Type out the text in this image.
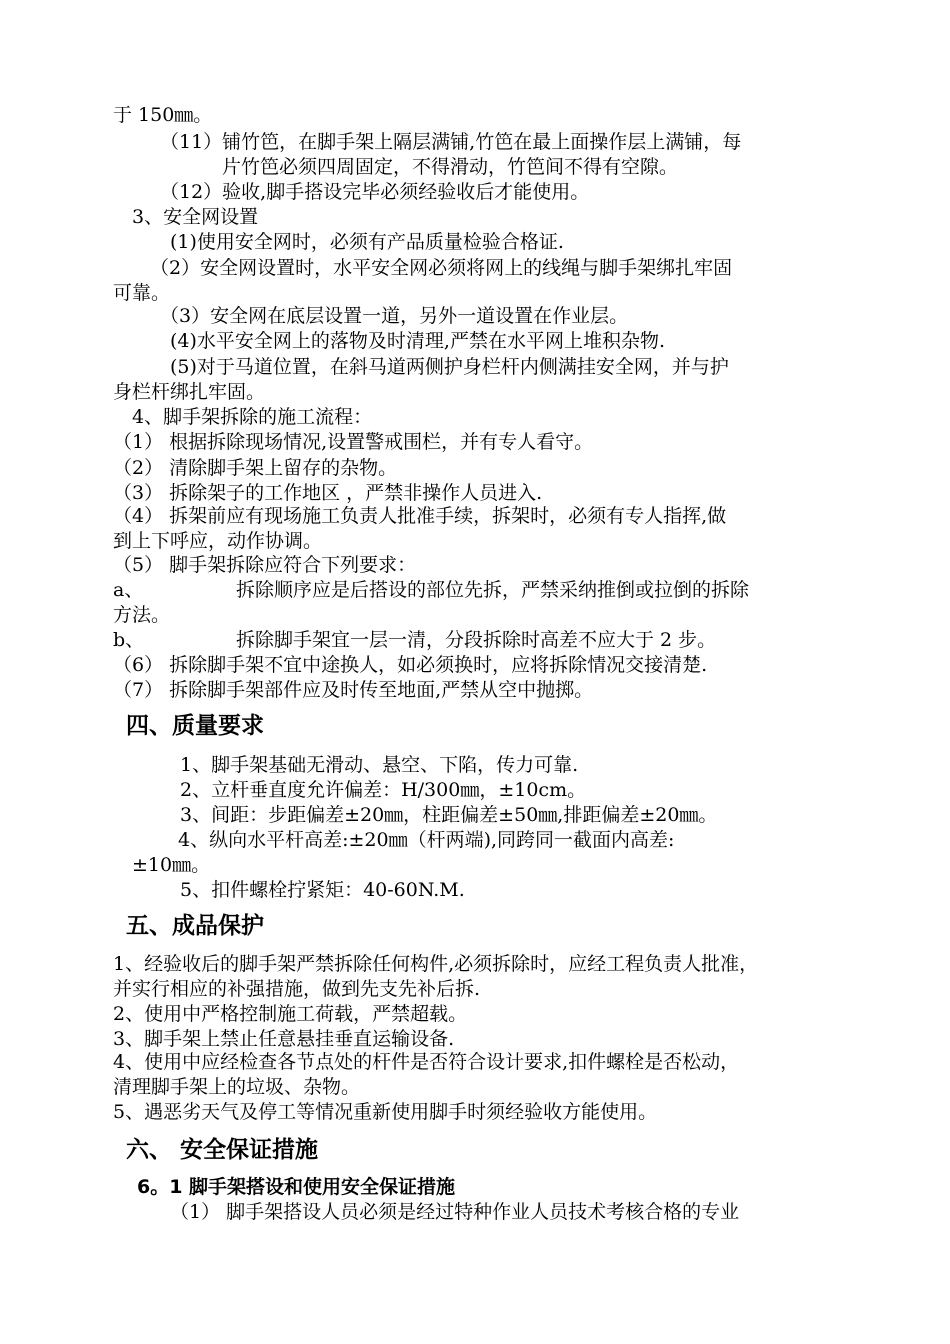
于 150㎜。
（11）铺竹笆，在脚手架上隔层满铺,竹笆在最上面操作层上满铺，每
片竹笆必须四周固定，不得滑动，竹笆间不得有空隙。
（12）验收,脚手搭设完毕必须经验收后才能使用。
3、安全网设置
(1)使用安全网时，必须有产品质量检验合格证.
（2）安全网设置时，水平安全网必须将网上的线绳与脚手架绑扎牢固
可靠。
（3）安全网在底层设置一道，另外一道设置在作业层。
(4)水平安全网上的落物及时清理,严禁在水平网上堆积杂物.
(5)对于马道位置，在斜马道两侧护身栏杆内侧满挂安全网，并与护
身栏杆绑扎牢固。
4、脚手架拆除的施工流程：
（1） 根据拆除现场情况,设置警戒围栏，并有专人看守。
（2） 清除脚手架上留存的杂物。
（3） 拆除架子的工作地区 ，严禁非操作人员进入.
（4） 拆架前应有现场施工负责人批准手续，拆架时，必须有专人指挥,做
到上下呼应，动作协调。
（5） 脚手架拆除应符合下列要求：
a、	拆除顺序应是后搭设的部位先拆，严禁采纳推倒或拉倒的拆除
方法。
b、	拆除脚手架宜一层一清，分段拆除时高差不应大于 2 步。
（6） 拆除脚手架不宜中途换人，如必须换时，应将拆除情况交接清楚.
（7） 拆除脚手架部件应及时传至地面,严禁从空中抛掷。
四、质量要求
1、脚手架基础无滑动、悬空、下陷，传力可靠.
2、立杆垂直度允许偏差：H/300㎜，±10cm。
3、间距：步距偏差±20㎜，柱距偏差±50㎜,排距偏差±20㎜。
4、纵向水平杆高差:±20㎜（杆两端),同跨同一截面内高差:
±10㎜。
5、扣件螺栓拧紧矩：40-60N.M.
五、成品保护
1、经验收后的脚手架严禁拆除任何构件,必须拆除时，应经工程负责人批准，
并实行相应的补强措施，做到先支先补后拆.
2、使用中严格控制施工荷载，严禁超载。
3、脚手架上禁止任意悬挂垂直运输设备.
4、使用中应经检查各节点处的杆件是否符合设计要求,扣件螺栓是否松动，
清理脚手架上的垃圾、杂物。
5、遇恶劣天气及停工等情况重新使用脚手时须经验收方能使用。
六、 安全保证措施
6。1 脚手架搭设和使用安全保证措施
（1） 脚手架搭设人员必须是经过特种作业人员技术考核合格的专业
